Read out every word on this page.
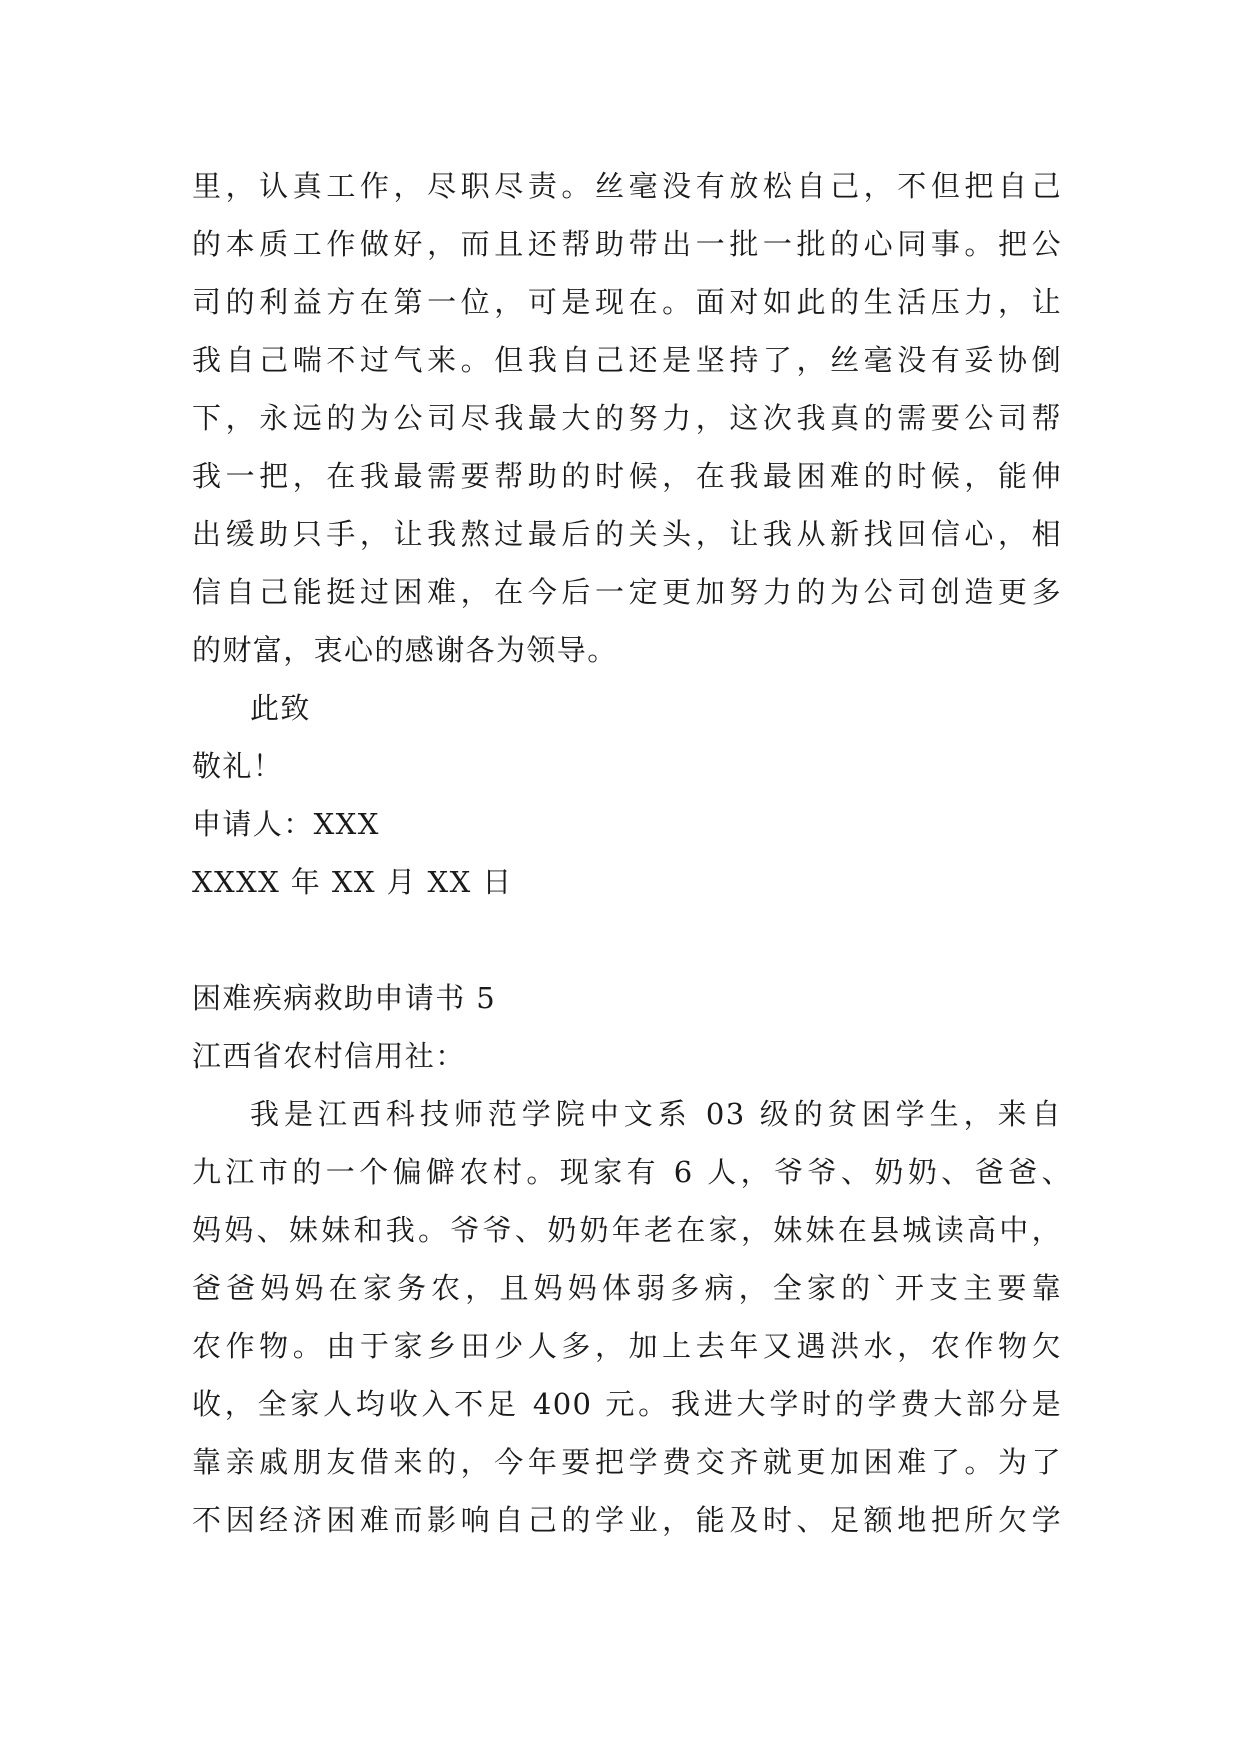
里，认真工作，尽职尽责。丝毫没有放松自己，不但把自己
的本质工作做好，而且还帮助带出一批一批的心同事。把公
司的利益方在第一位，可是现在。面对如此的生活压力，让
我自己喘不过气来。但我自己还是坚持了，丝毫没有妥协倒
下，永远的为公司尽我最大的努力，这次我真的需要公司帮
我一把，在我最需要帮助的时候，在我最困难的时候，能伸
出缓助只手，让我熬过最后的关头，让我从新找回信心，相
信自己能挺过困难，在今后一定更加努力的为公司创造更多
的财富，衷心的感谢各为领导。
此致
敬礼！
申请人：XXX
XXXX 年 XX 月 XX 日
困难疾病救助申请书 5
江西省农村信用社：
我是江西科技师范学院中文系 03 级的贫困学生，来自
九江市的一个偏僻农村。现家有 6 人，爷爷、奶奶、爸爸、
妈妈、妹妹和我。爷爷、奶奶年老在家，妹妹在县城读高中，
爸爸妈妈在家务农，且妈妈体弱多病，全家的`开支主要靠
农作物。由于家乡田少人多，加上去年又遇洪水，农作物欠
收，全家人均收入不足 400 元。我进大学时的学费大部分是
靠亲戚朋友借来的，今年要把学费交齐就更加困难了。为了
不因经济困难而影响自己的学业，能及时、足额地把所欠学
